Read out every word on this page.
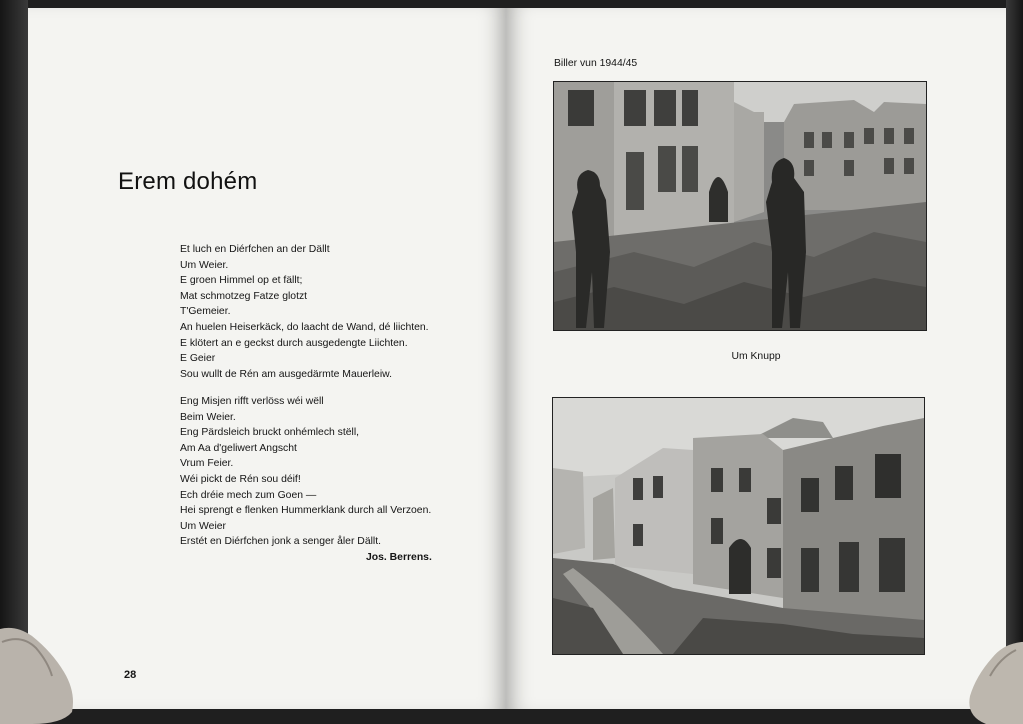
Erem dohém
Et luch en Diérfchen an der Dällt
Um Weier.
E groen Himmel op et fällt;
Mat schmotzeg Fatze glotzt
T'Gemeier.
An huelen Heiserkäck, do laacht de Wand, dé liichten.
E klötert an e geckst durch ausgedengte Liichten.
E Geier
Sou wullt de Rén am ausgedärmte Mauerleiw.
Eng Misjen rifft verlöss wéi wëll
Beim Weier.
Eng Pärdsleich bruckt onhémlech stëll,
Am Aa d'geliwert Angscht
Vrum Feier.
Wéi pickt de Rén sou déif!
Ech dréie mech zum Goen —
Hei sprengt e flenken Hummerklank durch all Verzoen.
Um Weier
Erstét en Diérfchen jonk a senger åler Dällt.
Jos. Berrens.
28
Biller vun 1944/45
Um Knupp
